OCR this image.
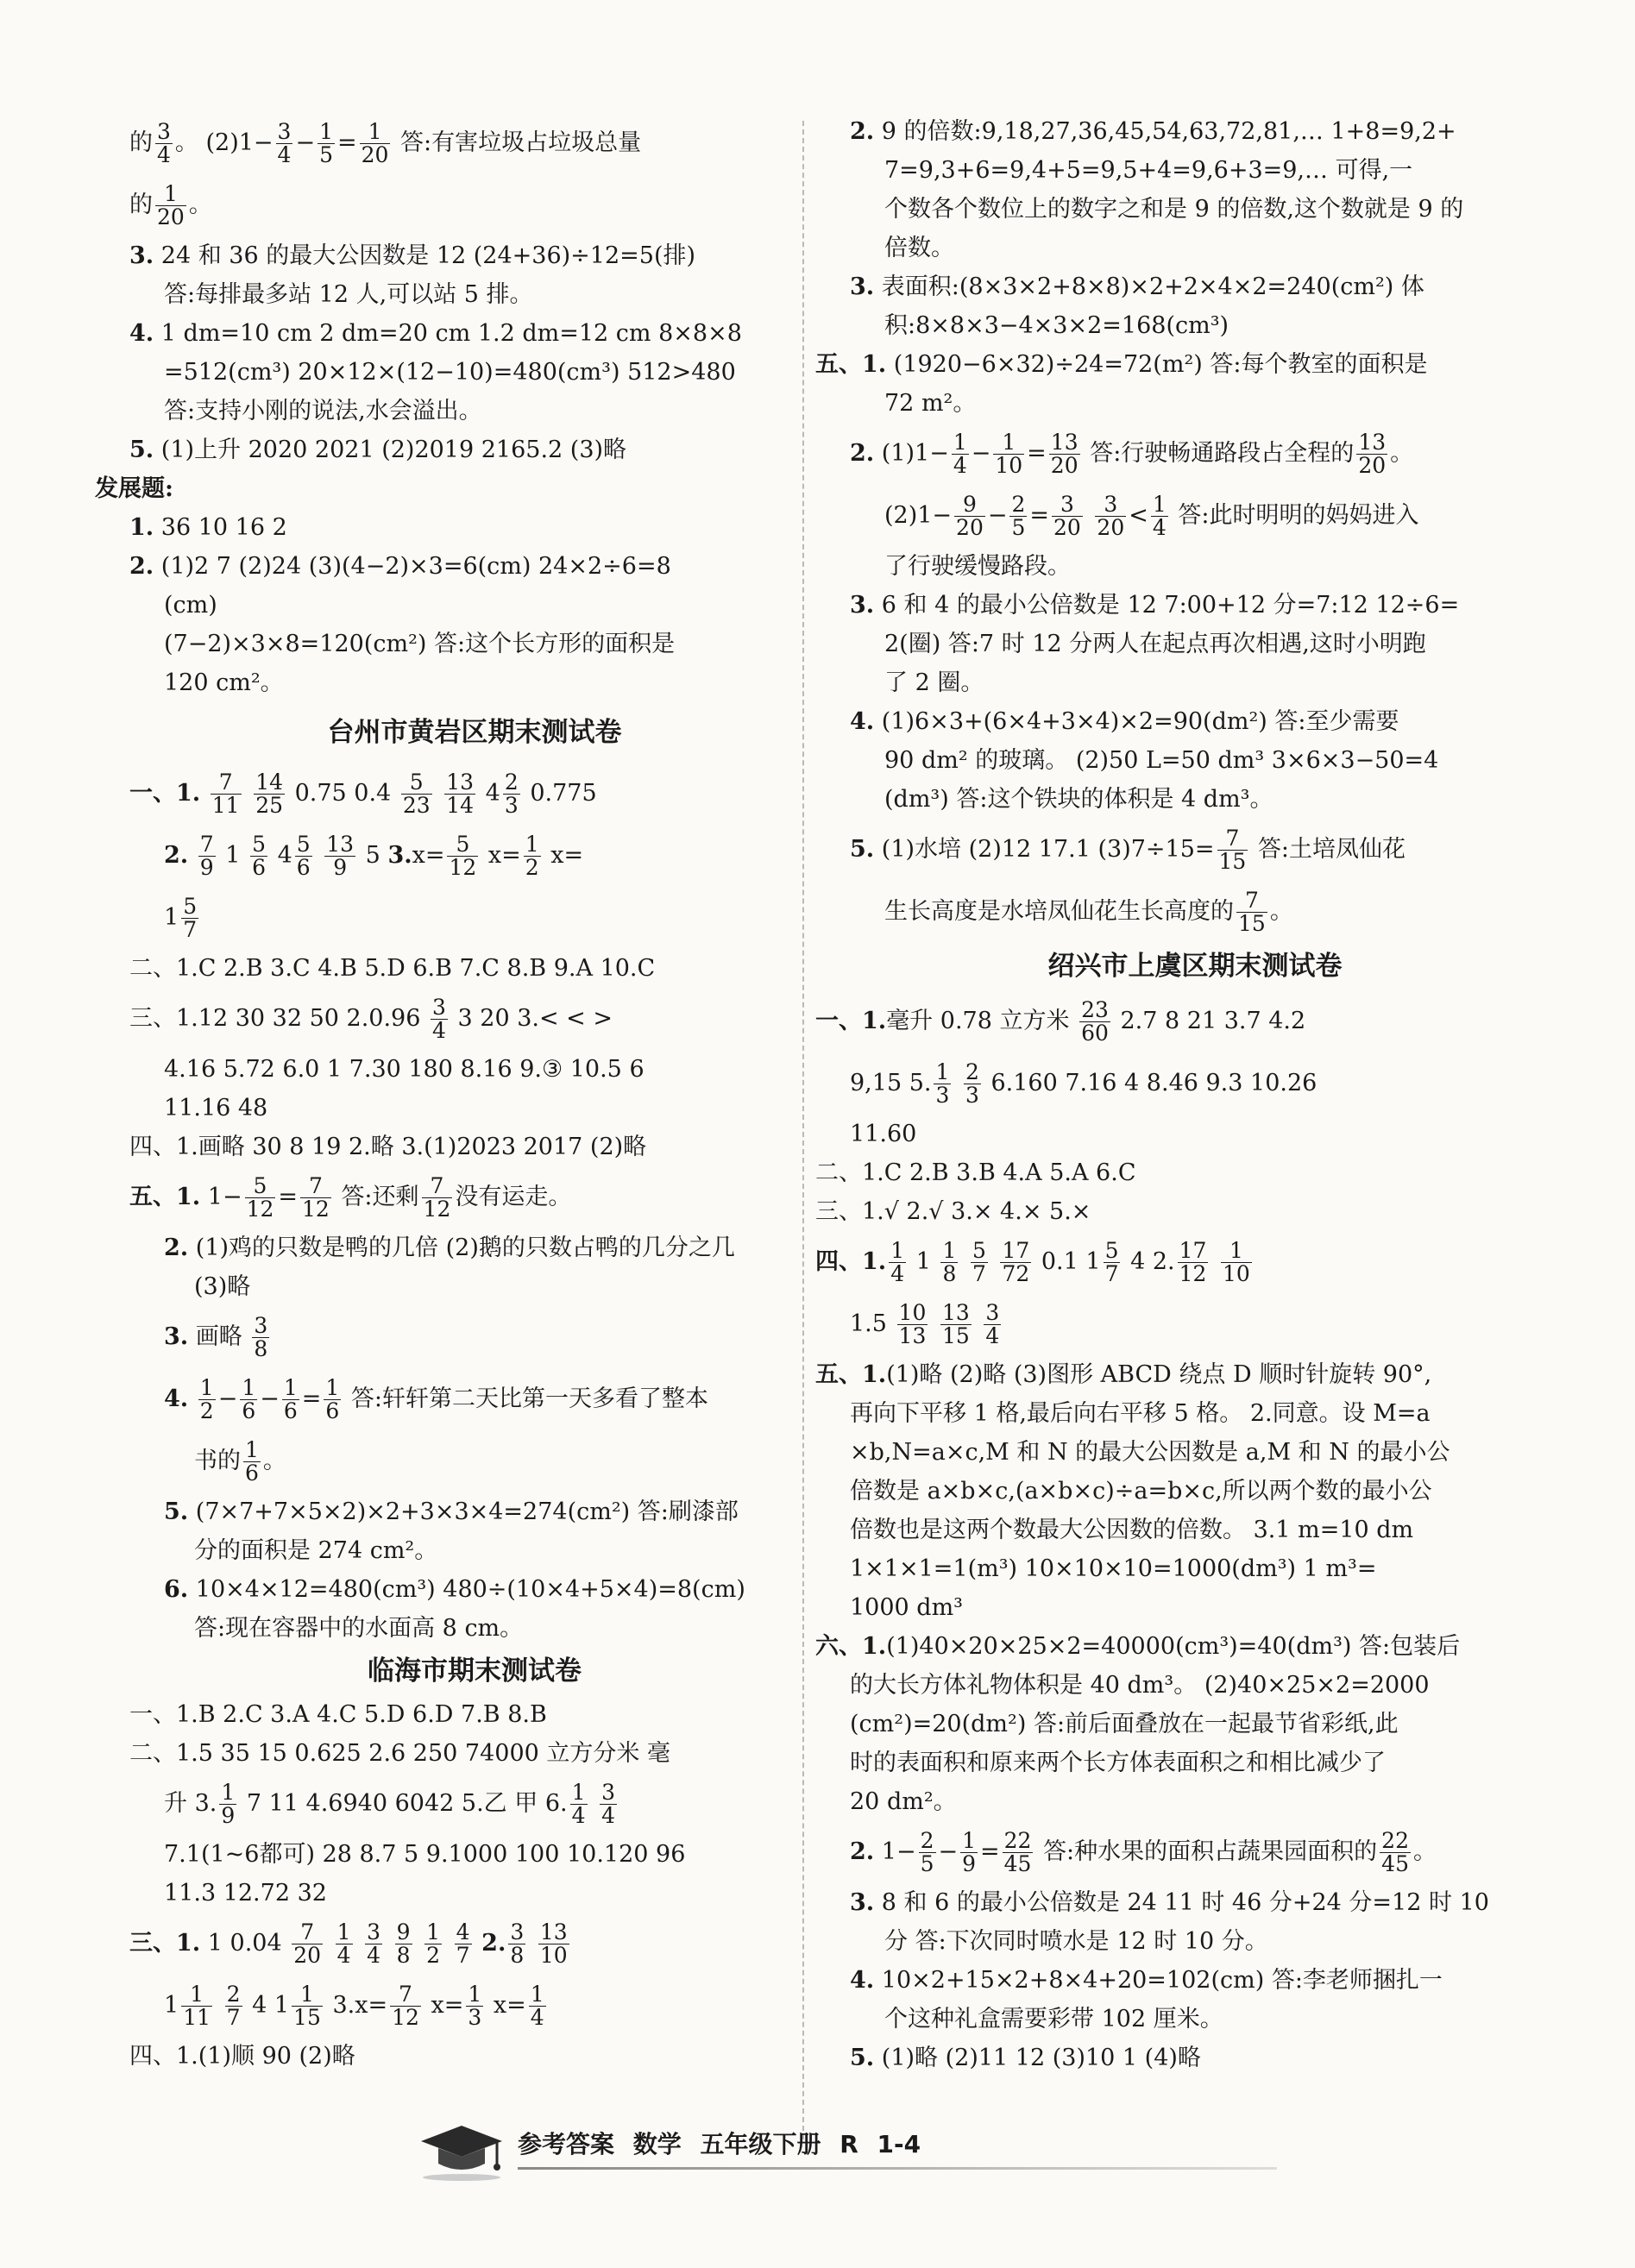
的 $\frac{3}{4}$ 。 $(2)1- \frac{3}{4} - \frac{1}{5} = \frac{1}{20}$ 答:有害垃圾占垃圾总量
的 $\frac{1}{20}$ 。
3. 24 和 36 的最大公因数是 12 (24+36)÷12=5(排)
答:每排最多站 12 人,可以站 5 排。
4. 1 dm=10 cm 2 dm=20 cm 1.2 dm=12 cm 8×8×8
=512(cm³) 20×12×(12−10)=480(cm³) 512>480
答:支持小刚的说法,水会溢出。
5. (1)上升 2020 2021 (2)2019 2165.2 (3)略
发展题:
1. 36 10 16 2
2. (1)2 7 (2)24 (3)(4−2)×3=6(cm) 24×2÷6=8
(cm)
(7−2)×3×8=120(cm²) 答:这个长方形的面积是
120 cm²。
台州市黄岩区期末测试卷
一、1. $\frac{7}{11}$
$\frac{14}{25} 0.75$ $0.4 \frac{5}{23}$
$\frac{13}{14} 4 \frac{2}{3} 0.775$
2. $\frac{7}{9} 1 \frac{5}{6} 4 \frac{5}{6}$
$\frac{13}{9} 5$ $3.x= \frac{5}{12} x= \frac{1}{2} x=$
$1 \frac{5}{7}$
二、1.C 2.B 3.C 4.B 5.D 6.B 7.C 8.B 9.A 10.C
三、1.12 30 32 50 $2.0.96 \frac{3}{4} 3$ 20 3.< < >
4.16 5.72 6.0 1 7.30 180 8.16 9.③ 10.5 6
11.16 48
四、1.画略 30 8 19 2.略 3.(1)2023 2017 (2)略
五、1. $1- \frac{5}{12} = \frac{7}{12}$ 答:还剩 $\frac{7}{12}$ 没有运走。
2. (1)鸡的只数是鸭的几倍 (2)鹅的只数占鸭的几分之几
(3)略
3. 画略 $\frac{3}{8}$
4. $\frac{1}{2} - \frac{1}{6} - \frac{1}{6} = \frac{1}{6}$ 答:轩轩第二天比第一天多看了整本
书的 $\frac{1}{6}$ 。
5. (7×7+7×5×2)×2+3×3×4=274(cm²) 答:刷漆部
分的面积是 274 cm²。
6. 10×4×12=480(cm³) 480÷(10×4+5×4)=8(cm)
答:现在容器中的水面高 8 cm。
临海市期末测试卷
一、1.B 2.C 3.A 4.C 5.D 6.D 7.B 8.B
二、1.5 35 15 0.625 2.6 250 74000 立方分米 毫
升 3. $\frac{1}{9} 7$ 11 4.6940 6042 5.乙 甲 6. $\frac{1}{4}$
$\frac{3}{4}$
7.1(1~6都可) 28 8.7 5 9.1000 100 10.120 96
11.3 12.72 32
三、1. 1 $0.04 \frac{7}{20}$
$\frac{1}{4}$
$\frac{3}{4}$
$\frac{9}{8}$
$\frac{1}{2}$
$\frac{4}{7} 2$. $\frac{3}{8}$
$\frac{13}{10}$
$1 \frac{1}{11}$
$\frac{2}{7} 4$ $1 \frac{1}{15} 3.x= \frac{7}{12} x= \frac{1}{3} x= \frac{1}{4}$
四、1.(1)顺 90 (2)略
2. 9 的倍数:9,18,27,36,45,54,63,72,81,… 1+8=9,2+
7=9,3+6=9,4+5=9,5+4=9,6+3=9,… 可得,一
个数各个数位上的数字之和是 9 的倍数,这个数就是 9 的
倍数。
3. 表面积:(8×3×2+8×8)×2+2×4×2=240(cm²) 体
积:8×8×3−4×3×2=168(cm³)
五、1. (1920−6×32)÷24=72(m²) 答:每个教室的面积是
72 m²。
2. $(1)1- \frac{1}{4} - \frac{1}{10} = \frac{13}{20}$ 答:行驶畅通路段占全程的 $\frac{13}{20}$ 。
$(2)1- \frac{9}{20} - \frac{2}{5} = \frac{3}{20}$
$\frac{3}{20} < \frac{1}{4}$ 答:此时明明的妈妈进入
了行驶缓慢路段。
3. 6 和 4 的最小公倍数是 12 7:00+12 分=7:12 12÷6=
2(圈) 答:7 时 12 分两人在起点再次相遇,这时小明跑
了 2 圈。
4. (1)6×3+(6×4+3×4)×2=90(dm²) 答:至少需要
90 dm² 的玻璃。 (2)50 L=50 dm³ 3×6×3−50=4
(dm³) 答:这个铁块的体积是 4 dm³。
5. (1)水培 (2)12 17.1 $(3)7\div 15= \frac{7}{15}$ 答:土培凤仙花
生长高度是水培凤仙花生长高度的 $\frac{7}{15}$ 。
绍兴市上虞区期末测试卷
一、1.毫升 0.78 立方米 $\frac{23}{60} 2.7$ 8 21 3.7 4.2
9,15 5. $\frac{1}{3}$
$\frac{2}{3} 6.160$ 7.16 4 8.46 9.3 10.26
11.60
二、1.C 2.B 3.B 4.A 5.A 6.C
三、1.√ 2.√ 3.× 4.× 5.×
四、1. $\frac{1}{4} 1 \frac{1}{8}$
$\frac{5}{7}$
$\frac{17}{72} 0.1$ $1 \frac{5}{7} 4$ 2. $\frac{17}{12}$
$\frac{1}{10}$
$1.5 \frac{10}{13}$
$\frac{13}{15}$
$\frac{3}{4}$
五、1.(1)略 (2)略 (3)图形 ABCD 绕点 D 顺时针旋转 90°,
再向下平移 1 格,最后向右平移 5 格。 2.同意。设 M=a
×b,N=a×c,M 和 N 的最大公因数是 a,M 和 N 的最小公
倍数是 a×b×c,(a×b×c)÷a=b×c,所以两个数的最小公
倍数也是这两个数最大公因数的倍数。 3.1 m=10 dm
1×1×1=1(m³) 10×10×10=1000(dm³) 1 m³=
1000 dm³
六、1.(1)40×20×25×2=40000(cm³)=40(dm³) 答:包装后
的大长方体礼物体积是 40 dm³。 (2)40×25×2=2000
(cm²)=20(dm²) 答:前后面叠放在一起最节省彩纸,此
时的表面积和原来两个长方体表面积之和相比减少了
20 dm²。
2. $1- \frac{2}{5} - \frac{1}{9} = \frac{22}{45}$ 答:种水果的面积占蔬果园面积的 $\frac{22}{45}$ 。
3. 8 和 6 的最小公倍数是 24 11 时 46 分+24 分=12 时 10
分 答:下次同时喷水是 12 时 10 分。
4. 10×2+15×2+8×4+20=102(cm) 答:李老师捆扎一
个这种礼盒需要彩带 102 厘米。
5. (1)略 (2)11 12 (3)10 1 (4)略
参考答案 数学 五年级下册 R 1-4
